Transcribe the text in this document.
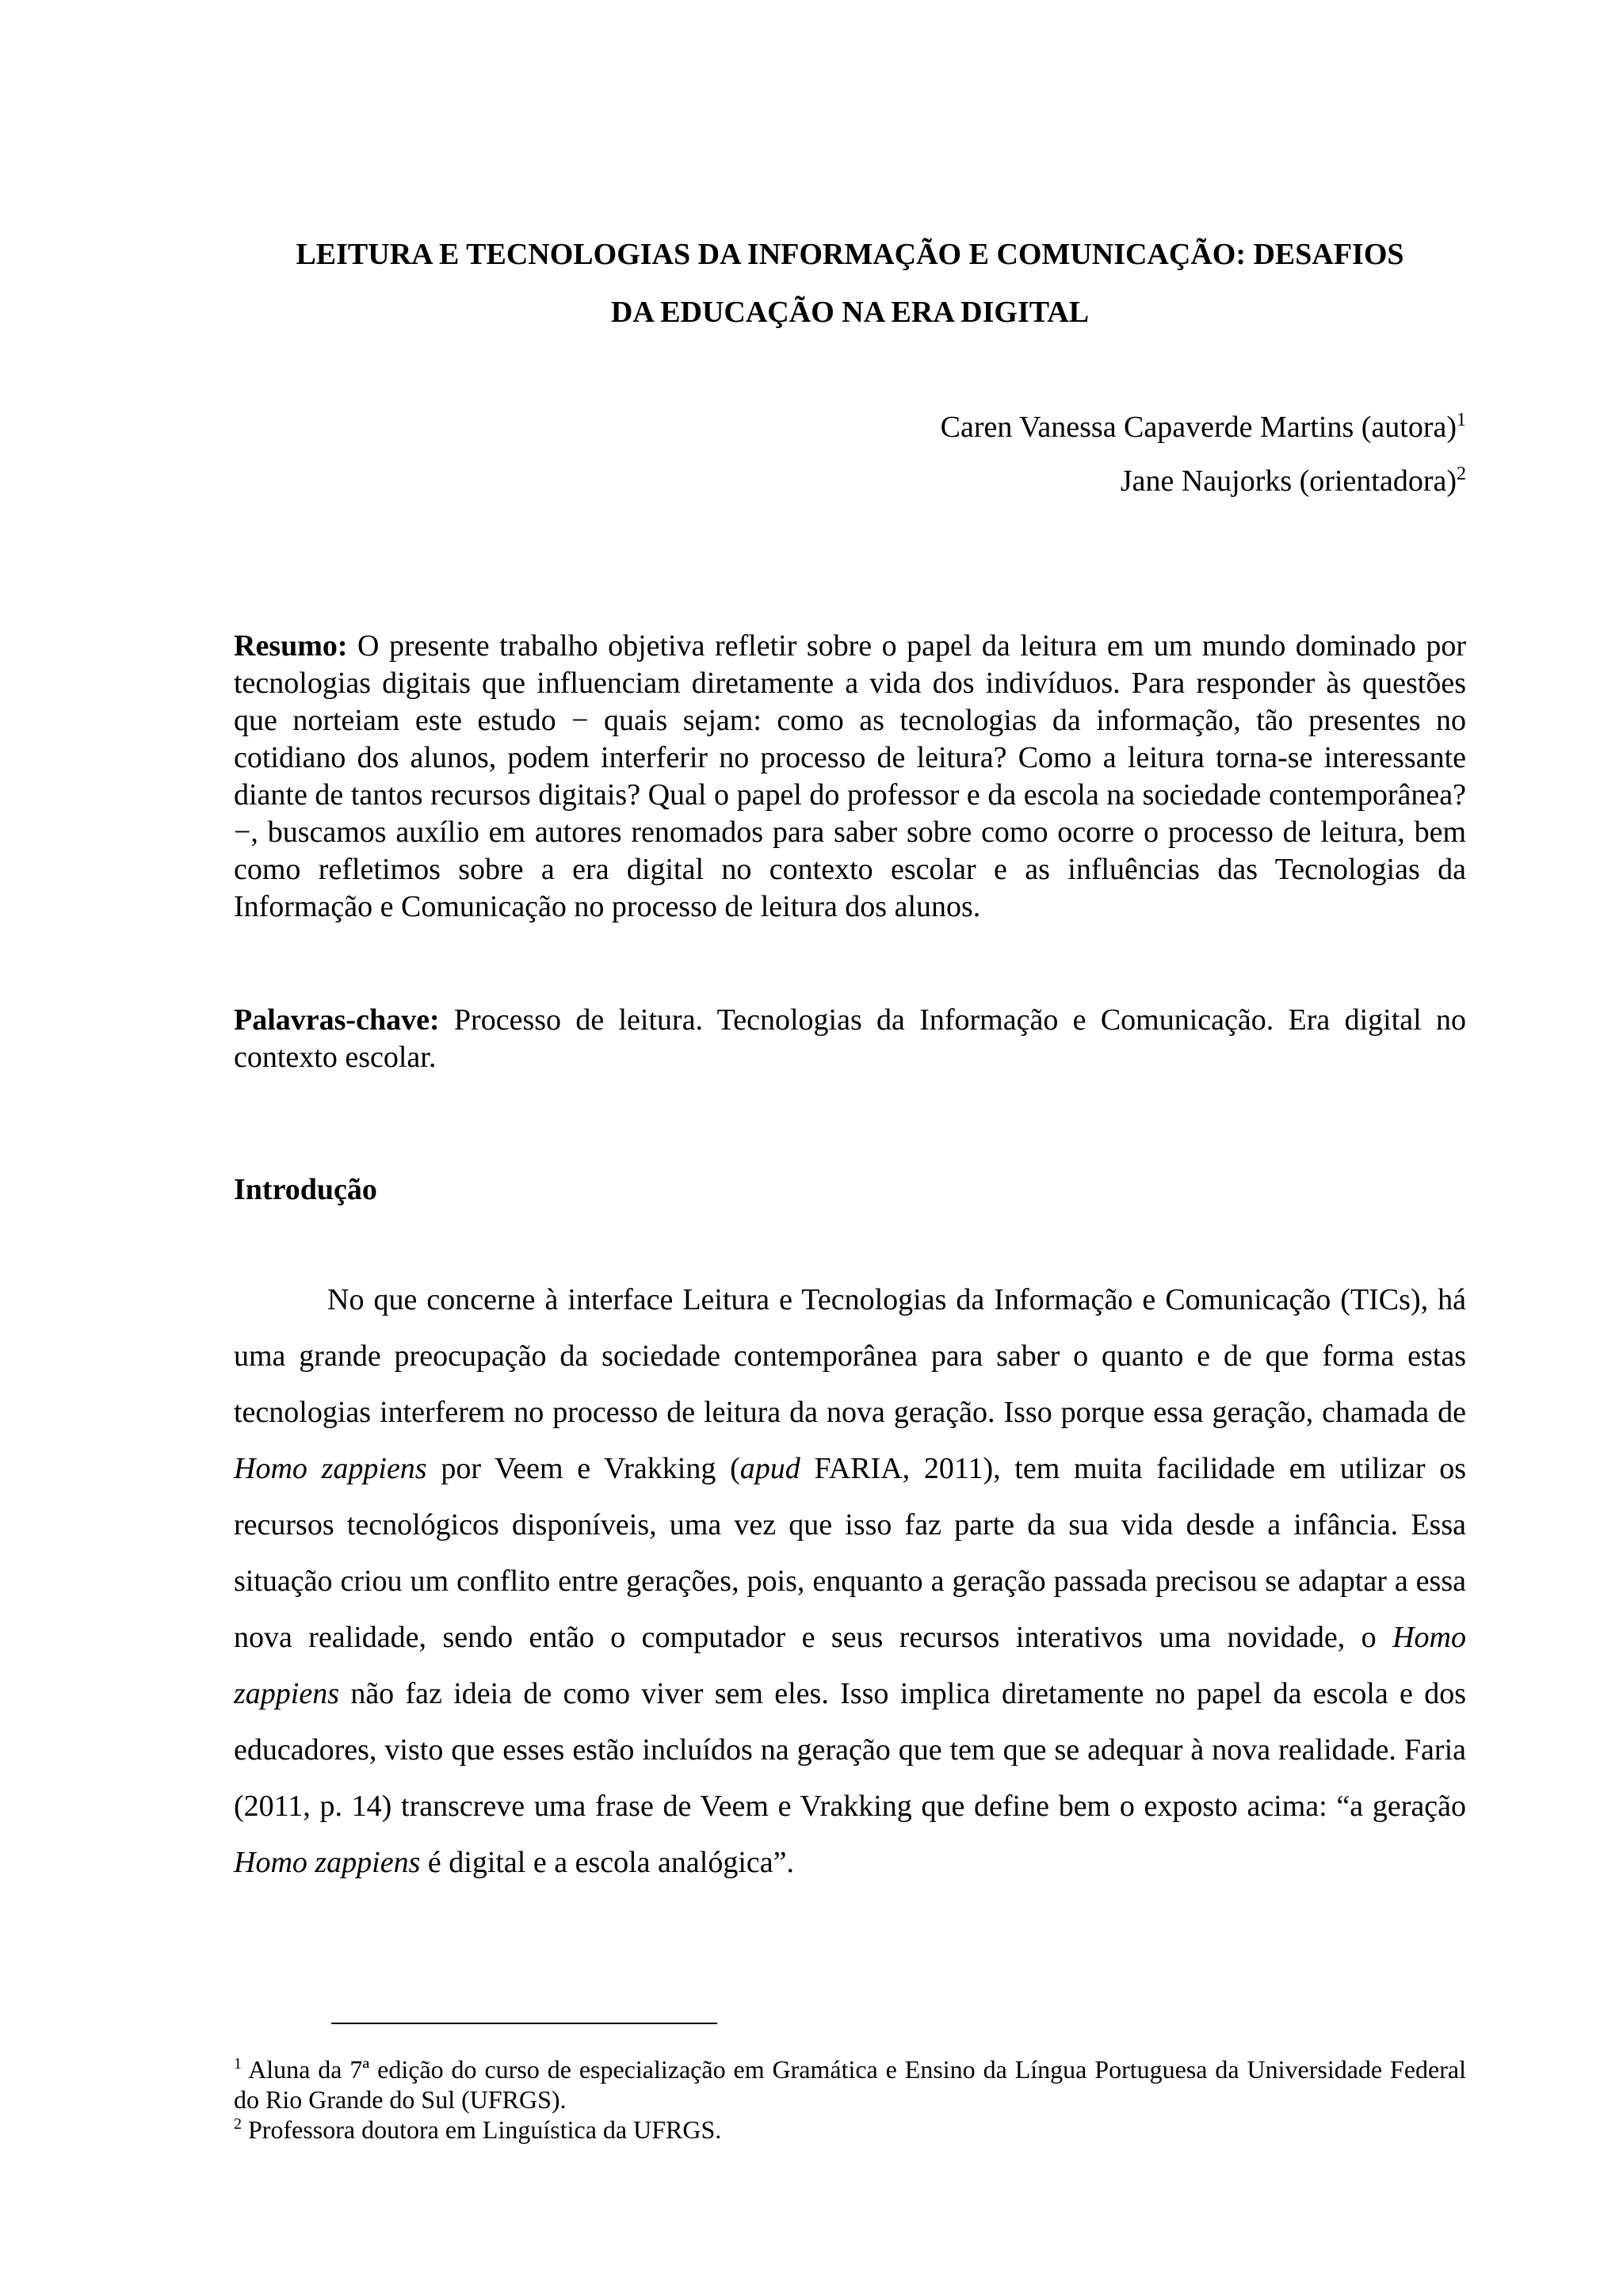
LEITURA E TECNOLOGIAS DA INFORMAÇÃO E COMUNICAÇÃO: DESAFIOS
DA EDUCAÇÃO NA ERA DIGITAL
Caren Vanessa Capaverde Martins (autora)$^1$
Jane Naujorks (orientadora)$^2$

Resumo: O presente trabalho objetiva refletir sobre o papel da leitura em um mundo dominado por tecnologias digitais que influenciam diretamente a vida dos indivíduos. Para responder às questões que norteiam este estudo − quais sejam: como as tecnologias da informação, tão presentes no cotidiano dos alunos, podem interferir no processo de leitura? Como a leitura torna-se interessante diante de tantos recursos digitais? Qual o papel do professor e da escola na sociedade contemporânea? −, buscamos auxílio em autores renomados para saber sobre como ocorre o processo de leitura, bem como refletimos sobre a era digital no contexto escolar e as influências das Tecnologias da Informação e Comunicação no processo de leitura dos alunos.

Palavras-chave: Processo de leitura. Tecnologias da Informação e Comunicação. Era digital no contexto escolar.

Introdução

No que concerne à interface Leitura e Tecnologias da Informação e Comunicação (TICs), há uma grande preocupação da sociedade contemporânea para saber o quanto e de que forma estas tecnologias interferem no processo de leitura da nova geração. Isso porque essa geração, chamada de Homo zappiens por Veem e Vrakking (apud FARIA, 2011), tem muita facilidade em utilizar os recursos tecnológicos disponíveis, uma vez que isso faz parte da sua vida desde a infância. Essa situação criou um conflito entre gerações, pois, enquanto a geração passada precisou se adaptar a essa nova realidade, sendo então o computador e seus recursos interativos uma novidade, o Homo zappiens não faz ideia de como viver sem eles. Isso implica diretamente no papel da escola e dos educadores, visto que esses estão incluídos na geração que tem que se adequar à nova realidade. Faria (2011, p. 14) transcreve uma frase de Veem e Vrakking que define bem o exposto acima: “a geração Homo zappiens é digital e a escola analógica”.

$^1$ Aluna da 7ª edição do curso de especialização em Gramática e Ensino da Língua Portuguesa da Universidade Federal do Rio Grande do Sul (UFRGS).

$^2$ Professora doutora em Linguística da UFRGS.
